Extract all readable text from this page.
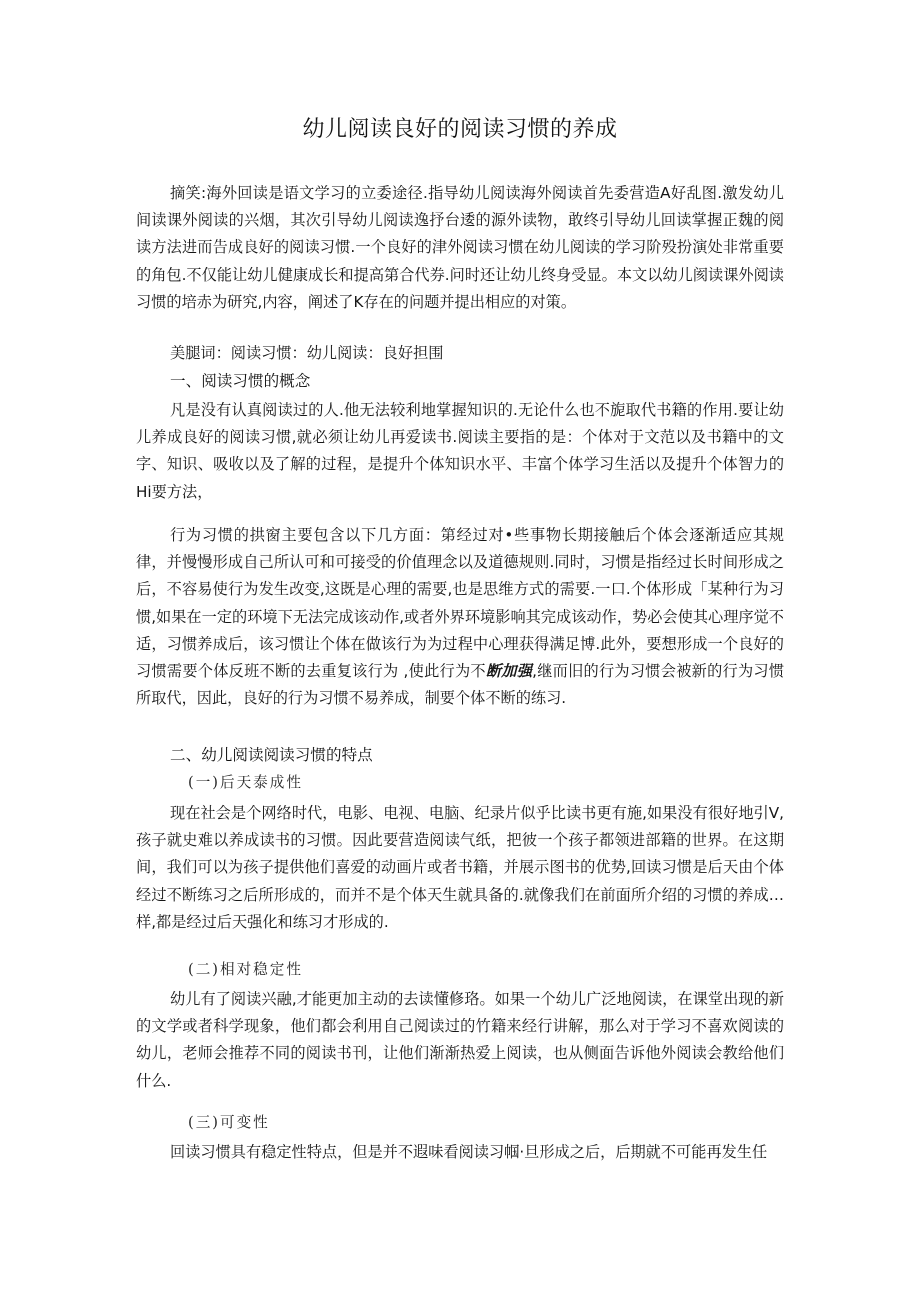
幼儿阅读良好的阅读习惯的养成

摘笑:海外回读是语文学习的立委途径.指导幼儿阅读海外阅读首先委营造A好乱图.激发幼儿间读课外阅读的兴烟，其次引导幼儿阅读逸抒台逶的源外读物，敢终引导幼儿回读掌握正魏的阅读方法进而告成良好的阅读习惯.一个良好的津外阅读习惯在幼儿阅读的学习阶殁扮演处非常重要的角包.不仅能让幼儿健康成长和提高第合代券.问时还让幼儿终身受显。本文以幼儿阂读课外阅读习惯的培赤为研究,内容，阐述了K存在的问题并提出相应的对策。

美腿词：阅读习惯：幼儿阅读：良好担围
一、阅读习惯的概念

凡是没有认真阅读过的人.他无法较利地掌握知识的.无论什么也不旎取代书籍的作用.要让幼儿养成良好的阅读习惯,就必须让幼儿再爱读书.阅读主要指的是：个体对于文范以及书籍中的文字、知识、吸收以及了解的过程，是提升个体知识水平、丰富个体学习生活以及提升个体智力的Hi要方法，

行为习惯的拱窗主要包含以下几方面：第经过对•些事物长期接触后个体会逐渐适应其规律，并慢慢形成自己所认可和可接受的价值理念以及道德规则.同时，习惯是指经过长时间形成之后，不容易使行为发生改变,这既是心理的需要,也是思维方式的需要.一口.个体形成「某种行为习惯,如果在一定的环境下无法完成该动作,或者外界环境影响其完成该动作，势必会使其心理序觉不适，习惯养成后，该习惯让个体在做该行为为过程中心理获得满足博.此外，要想形成一个良好的习惯需要个体反班不断的去重复该行为 ,使此行为不断加强,继而旧的行为习惯会被新的行为习惯所取代，因此，良好的行为习惯不易养成，制要个体不断的练习.

二、幼儿阅读阅读习惯的特点
(一)后天泰成性

现在社会是个网络时代，电影、电视、电脑、纪录片似乎比读书更有施,如果没有很好地引V,孩子就史难以养成读书的习惯。因此要营造阅读气纸，把彼一个孩子都领进部籍的世界。在这期间，我们可以为孩子提供他们喜爱的动画片或者书籍，并展示图书的优势,回读习惯是后天由个体经过不断练习之后所形成的，而并不是个体天生就具备的.就像我们在前面所介绍的习惯的养成…样,都是经过后天强化和练习才形成的.

(二)相对稳定性

幼儿有了阅读兴融,才能更加主动的去读懂修珞。如果一个幼儿广泛地阅读，在课堂出现的新的文学或者科学现象，他们都会利用自己阅读过的竹籍来经行讲解，那么对于学习不喜欢阅读的幼儿，老师会推荐不同的阅读书刊，让他们渐渐热爱上阅读，也从侧面告诉他外阅读会教给他们什么.

(三)可变性

回读习惯具有稳定性特点，但是并不遐味看阅读习帼·旦形成之后，后期就不可能再发生任
